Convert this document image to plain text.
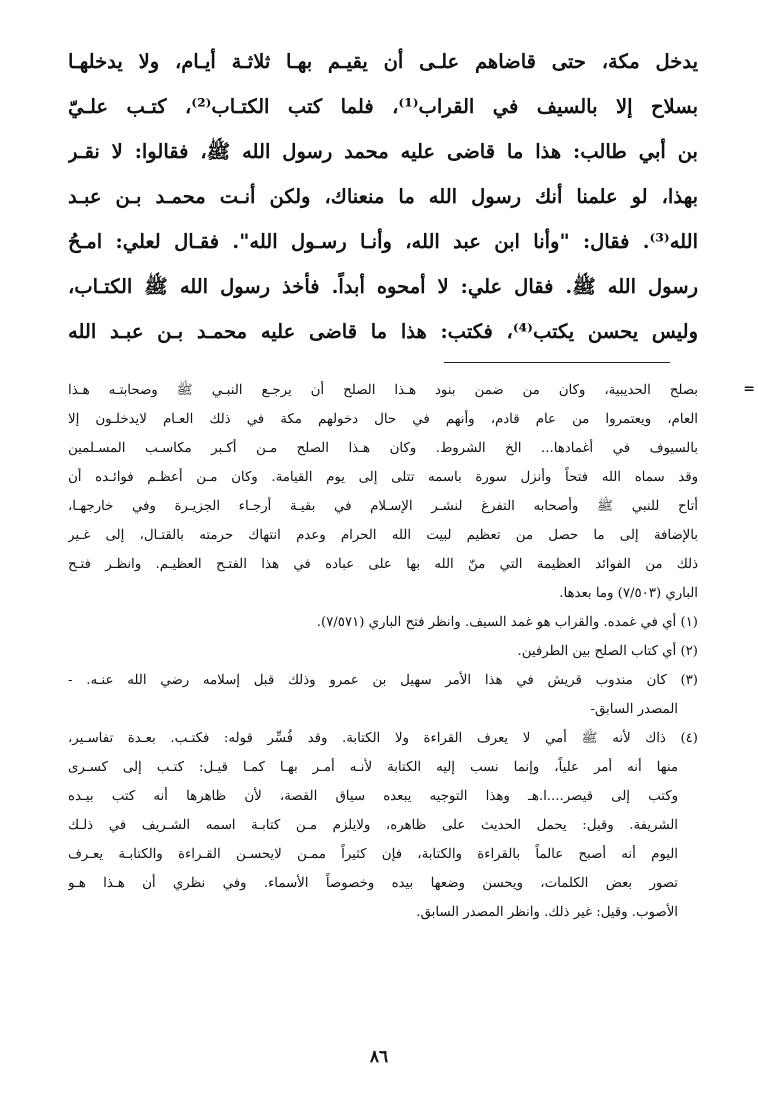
يدخل مكة، حتى قاضاهم علـى أن يقيـم بهـا ثلاثـة أيـام، ولا يدخلهـا
بسلاح إلا بالسيف في القراب⁽¹⁾، فلما كتب الكتـاب⁽²⁾، كتـب علـيّ
بن أبي طالب: هذا ما قاضى عليه محمد رسول الله ﷺ، فقالوا: لا نقـر
بهذا، لو علمنا أنك رسول الله ما منعناك، ولكن أنـت محمـد بـن عبـد
الله⁽³⁾. فقال: "وأنا ابن عبد الله، وأنـا رسـول الله". فقـال لعلي: امـحُ
رسول الله ﷺ. فقال علي: لا أمحوه أبداً. فأخذ رسول الله ﷺ الكتـاب،
وليس يحسن يكتب⁽⁴⁾، فكتب: هذا ما قاضى عليه محمـد بـن عبـد الله
=
بصلح الحديبية، وكان من ضمن بنود هـذا الصلح أن يرجـع النبـي ﷺ وصحابتـه هـذا
العام، ويعتمروا من عام قادم، وأنهم في حال دخولهم مكة في ذلك العـام لايدخلـون إلا
بالسيوف في أغمادها... الخ الشروط. وكان هـذا الصلح مـن أكـبر مكاسـب المسـلمين
وقد سماه الله فتحاً وأنزل سورة باسمه تتلى إلى يوم القيامة. وكان مـن أعظـم فوائـده أن
أتاح للنبي ﷺ وأصحابه التفرغ لنشـر الإسـلام في بقيـة أرجـاء الجزيـرة وفي خارجهـا،
بالإضافة إلى ما حصل من تعظيم لبيت الله الحرام وعدم انتهاك حرمته بالقتـال، إلى غـير
ذلك من الفوائد العظيمة التي منّ الله بها على عباده في هذا الفتـح العظيـم. وانظـر فتـح
الباري (٧/٥٠٣) وما بعدها.
(١) أي في غمده. والقراب هو غمد السيف. وانظر فتح الباري (٧/٥٧١).
(٢) أي كتاب الصلح بين الطرفين.
(٣) كان مندوب قريش في هذا الأمر سهيل بن عمرو وذلك قبل إسلامه رضي الله عنـه. -
المصدر السابق-
(٤) ذاك لأنه ﷺ أمي لا يعرف القراءة ولا الكتابة. وقد فُسِّر قوله: فكتـب. بعـدة تفاسـير،
منها أنه أمر علياً، وإنما نسب إليه الكتابة لأنـه أمـر بهـا كمـا قيـل: كتـب إلى كسـرى
وكتب إلى قيصر....ا.هـ وهذا التوجيه يبعده سياق القصة، لأن ظاهرها أنه كتب بيـده
الشريفة. وقيل: يحمل الحديث على ظاهره، ولايلزم مـن كتابـة اسمه الشـريف في ذلـك
اليوم أنه أصبح عالماً بالقراءة والكتابة، فإن كثيراً ممـن لايحسـن القـراءة والكتابـة يعـرف
تصور بعض الكلمات، ويحسن وضعها بيده وخصوصاً الأسماء. وفي نظري أن هـذا هـو
الأصوب. وقيل: غير ذلك. وانظر المصدر السابق.
٨٦
